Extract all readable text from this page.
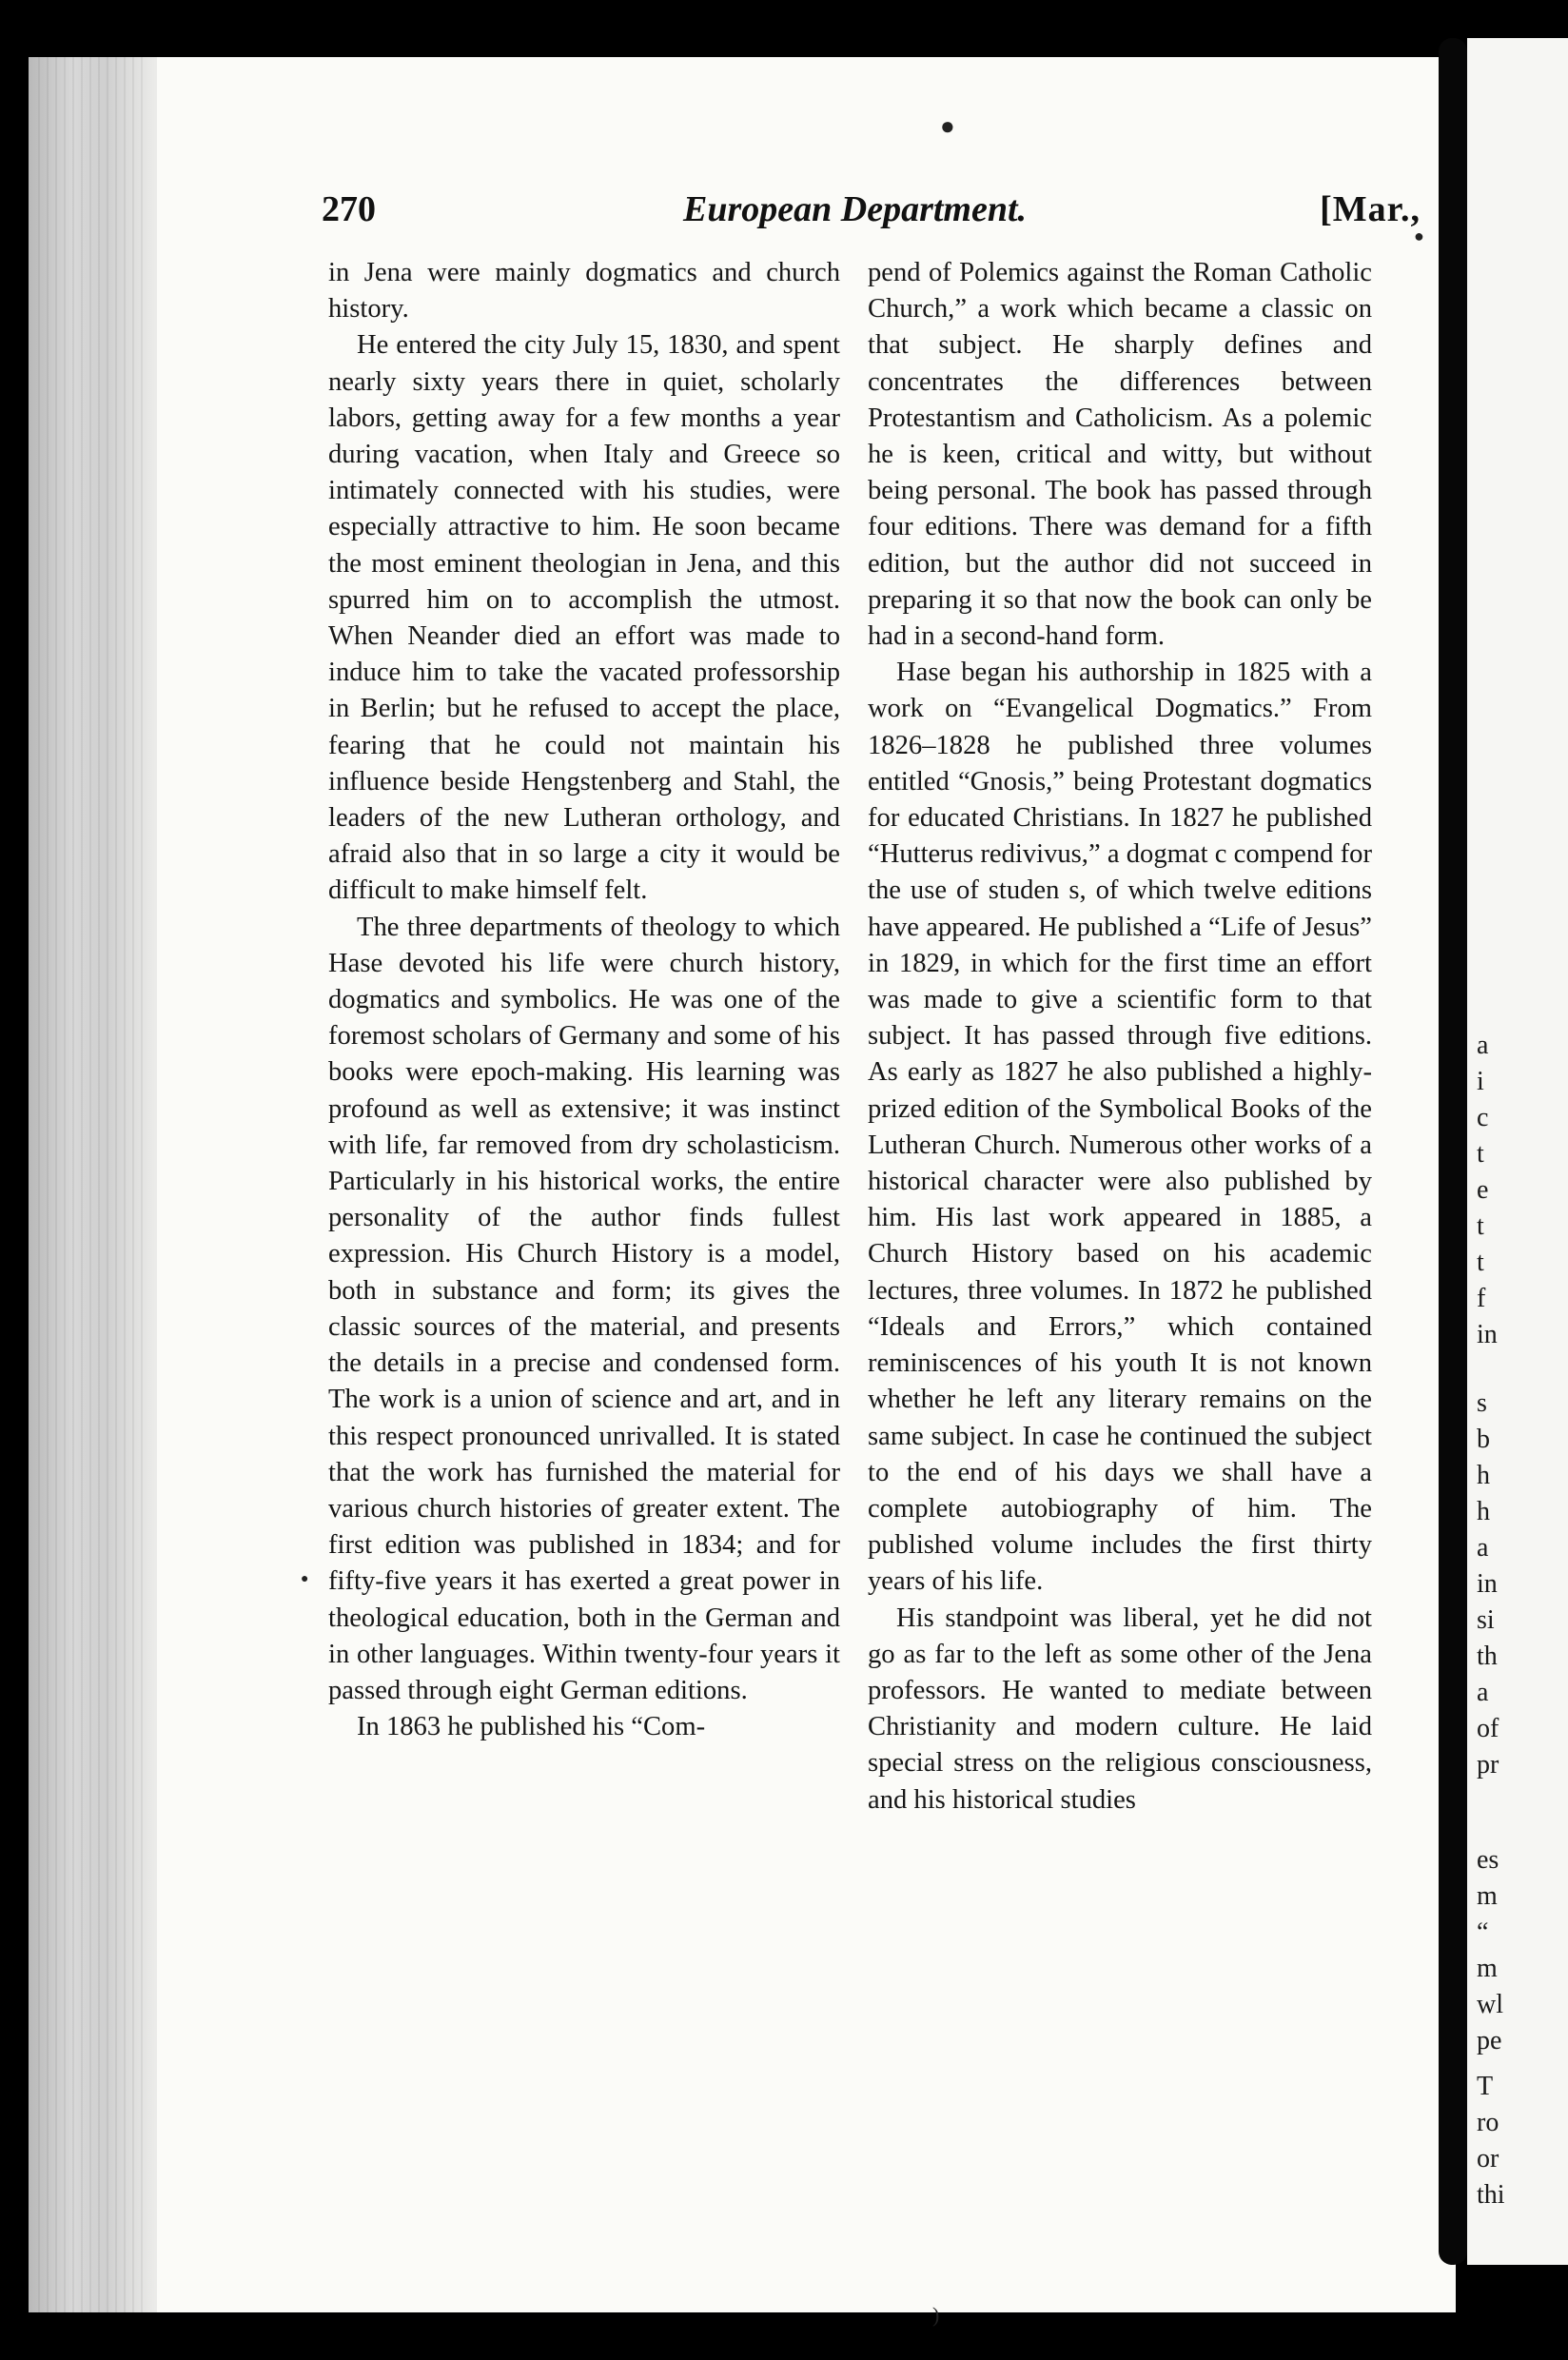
●
●
●
)
270	European Department.	[Mar.,

in Jena were mainly dogmatics and church history.

He entered the city July 15, 1830, and spent nearly sixty years there in quiet, scholarly labors, getting away for a few months a year during vacation, when Italy and Greece so intimately connected with his studies, were especially attractive to him. He soon became the most eminent theologian in Jena, and this spurred him on to accomplish the utmost. When Neander died an effort was made to induce him to take the vacated professorship in Berlin; but he refused to accept the place, fearing that he could not maintain his influence beside Hengstenberg and Stahl, the leaders of the new Lutheran orthology, and afraid also that in so large a city it would be difficult to make himself felt.

The three departments of theology to which Hase devoted his life were church history, dogmatics and symbolics. He was one of the foremost scholars of Germany and some of his books were epoch-making. His learning was profound as well as extensive; it was instinct with life, far removed from dry scholasticism. Particularly in his historical works, the entire personality of the author finds fullest expression. His Church History is a model, both in substance and form; its gives the classic sources of the material, and presents the details in a precise and condensed form. The work is a union of science and art, and in this respect pronounced unrivalled. It is stated that the work has furnished the material for various church histories of greater extent. The first edition was published in 1834; and for fifty-five years it has exerted a great power in theological education, both in the German and in other languages. Within twenty-four years it passed through eight German editions.

In 1863 he published his “Com-

pend of Polemics against the Roman Catholic Church,” a work which became a classic on that subject. He sharply defines and concentrates the differences between Protestantism and Catholicism. As a polemic he is keen, critical and witty, but without being personal. The book has passed through four editions. There was demand for a fifth edition, but the author did not succeed in preparing it so that now the book can only be had in a second-hand form.

Hase began his authorship in 1825 with a work on “Evangelical Dogmatics.” From 1826–1828 he published three volumes entitled “Gnosis,” being Protestant dogmatics for educated Christians. In 1827 he published “Hutterus redivivus,” a dogmat c compend for the use of studen s, of which twelve editions have appeared. He published a “Life of Jesus” in 1829, in which for the first time an effort was made to give a scientific form to that subject. It has passed through five editions. As early as 1827 he also published a highly-prized edition of the Symbolical Books of the Lutheran Church. Numerous other works of a historical character were also published by him. His last work appeared in 1885, a Church History based on his academic lectures, three volumes. In 1872 he published “Ideals and Errors,” which contained reminiscences of his youth It is not known whether he left any literary remains on the same subject. In case he continued the subject to the end of his days we shall have a complete autobiography of him. The published volume includes the first thirty years of his life.

His standpoint was liberal, yet he did not go as far to the left as some other of the Jena professors. He wanted to mediate between Christianity and modern culture. He laid special stress on the religious consciousness, and his historical studies

a
i
c
t
e
t
t
f
in
s
b
h
h
a
in
si
th
a
of
pr
es
m
“
m
wl
pe
T
ro
or
thi
